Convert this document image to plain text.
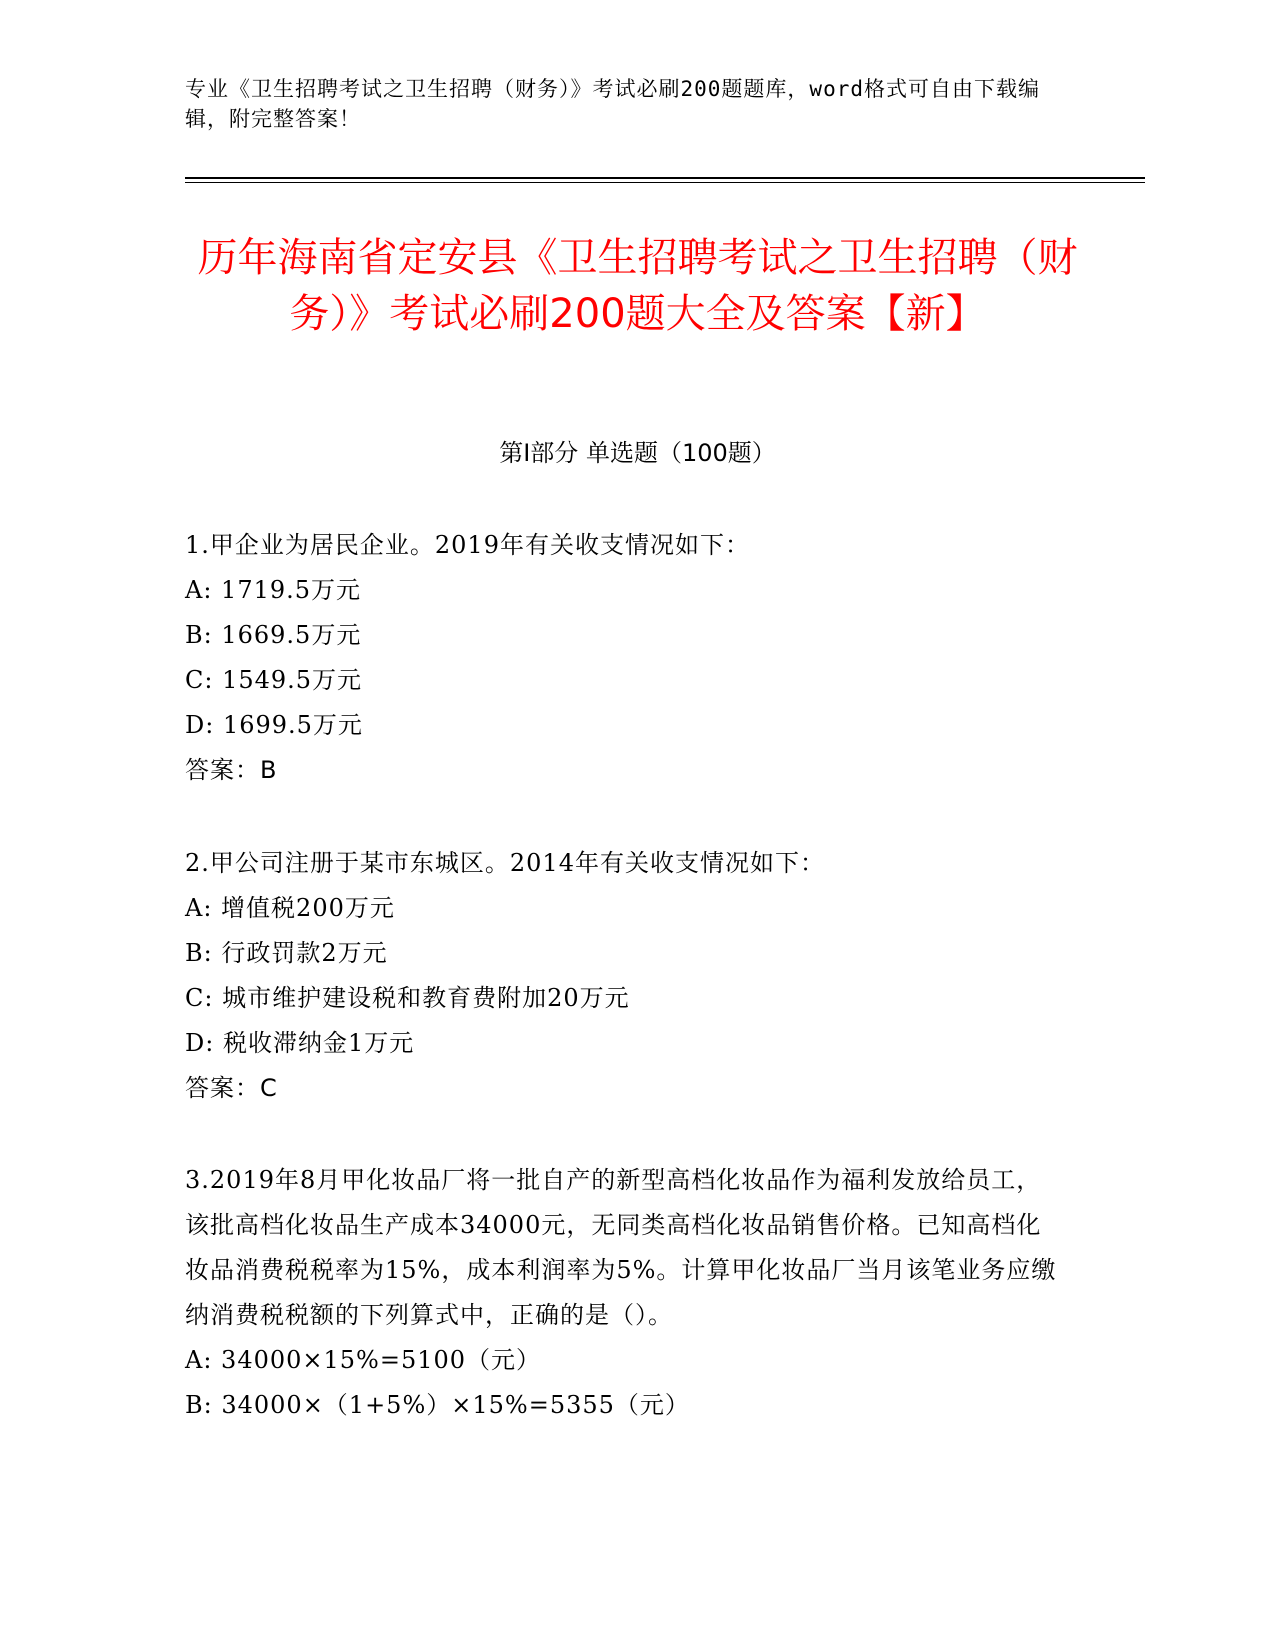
专业《卫生招聘考试之卫生招聘（财务）》考试必刷200题题库，word格式可自由下载编辑，附完整答案！
历年海南省定安县《卫生招聘考试之卫生招聘（财务）》考试必刷200题大全及答案【新】
第Ⅰ部分 单选题（100题）
1.甲企业为居民企业。2019年有关收支情况如下：
A: 1719.5万元
B: 1669.5万元
C: 1549.5万元
D: 1699.5万元
答案：B
2.甲公司注册于某市东城区。2014年有关收支情况如下：
A: 增值税200万元
B: 行政罚款2万元
C: 城市维护建设税和教育费附加20万元
D: 税收滞纳金1万元
答案：C
3.2019年8月甲化妆品厂将一批自产的新型高档化妆品作为福利发放给员工，该批高档化妆品生产成本34000元，无同类高档化妆品销售价格。已知高档化妆品消费税税率为15%，成本利润率为5%。计算甲化妆品厂当月该笔业务应缴纳消费税税额的下列算式中，正确的是（）。
A: 34000×15%=5100（元）
B: 34000×（1+5%）×15%=5355（元）
